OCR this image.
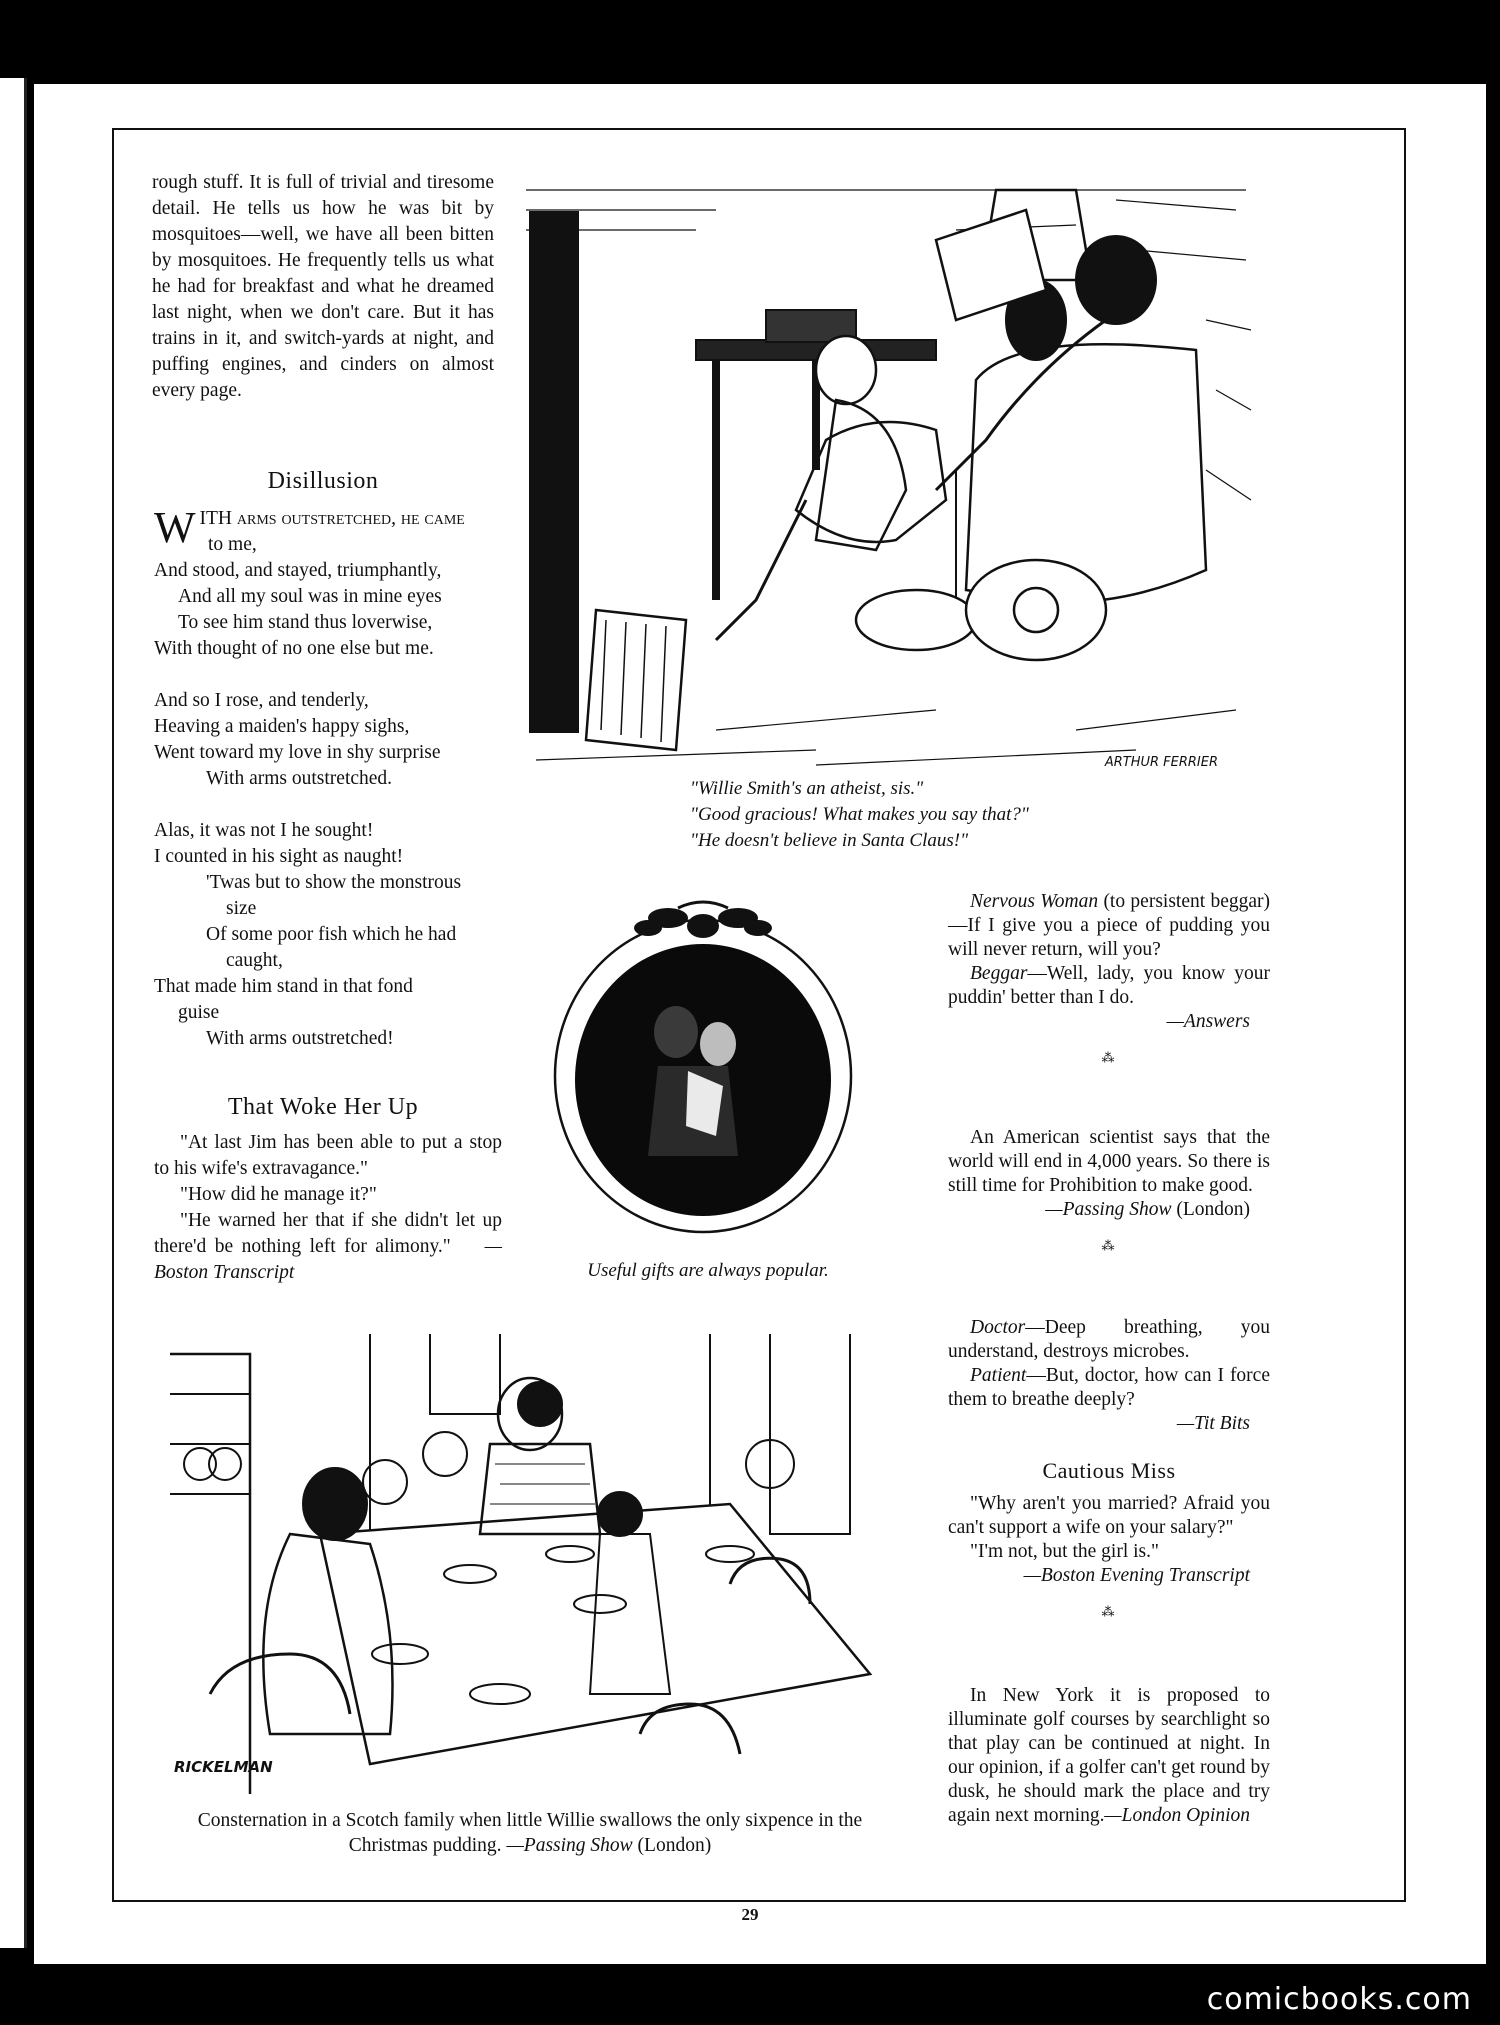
rough stuff. It is full of trivial and tiresome detail. He tells us how he was bit by mosquitoes—well, we have all been bitten by mosquitoes. He frequently tells us what he had for breakfast and what he dreamed last night, when we don't care. But it has trains in it, and switch-yards at night, and puffing engines, and cinders on almost every page.
Disillusion

WITH arms outstretched, he came

to me,

And stood, and stayed, triumphantly,

And all my soul was in mine eyes

To see him stand thus loverwise,

With thought of no one else but me.

And so I rose, and tenderly,

Heaving a maiden's happy sighs,

Went toward my love in shy surprise

With arms outstretched.

Alas, it was not I he sought!

I counted in his sight as naught!

'Twas but to show the monstrous

size

Of some poor fish which he had

caught,

That made him stand in that fond

guise

With arms outstretched!

That Woke Her Up

"At last Jim has been able to put a stop to his wife's extravagance."

"How did he manage it?"

"He warned her that if she didn't let up there'd be nothing left for alimony." —Boston Transcript

ARTHUR FERRIER
"Willie Smith's an atheist, sis."
"Good gracious! What makes you say that?"
"He doesn't believe in Santa Claus!"
Useful gifts are always popular.

Nervous Woman (to persistent beggar)—If I give you a piece of pudding you will never return, will you?

Beggar—Well, lady, you know your puddin' better than I do.

—Answers

⁂

An American scientist says that the world will end in 4,000 years. So there is still time for Prohibition to make good.

—Passing Show (London)

⁂

Doctor—Deep breathing, you understand, destroys microbes.

Patient—But, doctor, how can I force them to breathe deeply?

—Tit Bits

Cautious Miss

"Why aren't you married? Afraid you can't support a wife on your salary?"

"I'm not, but the girl is."

—Boston Evening Transcript

⁂

In New York it is proposed to illuminate golf courses by searchlight so that play can be continued at night. In our opinion, if a golfer can't get round by dusk, he should mark the place and try again next morning. —London Opinion

RICKELMAN
Consternation in a Scotch family when little Willie swallows the only sixpence in the Christmas pudding. —Passing Show (London)
29
comicbooks.com
